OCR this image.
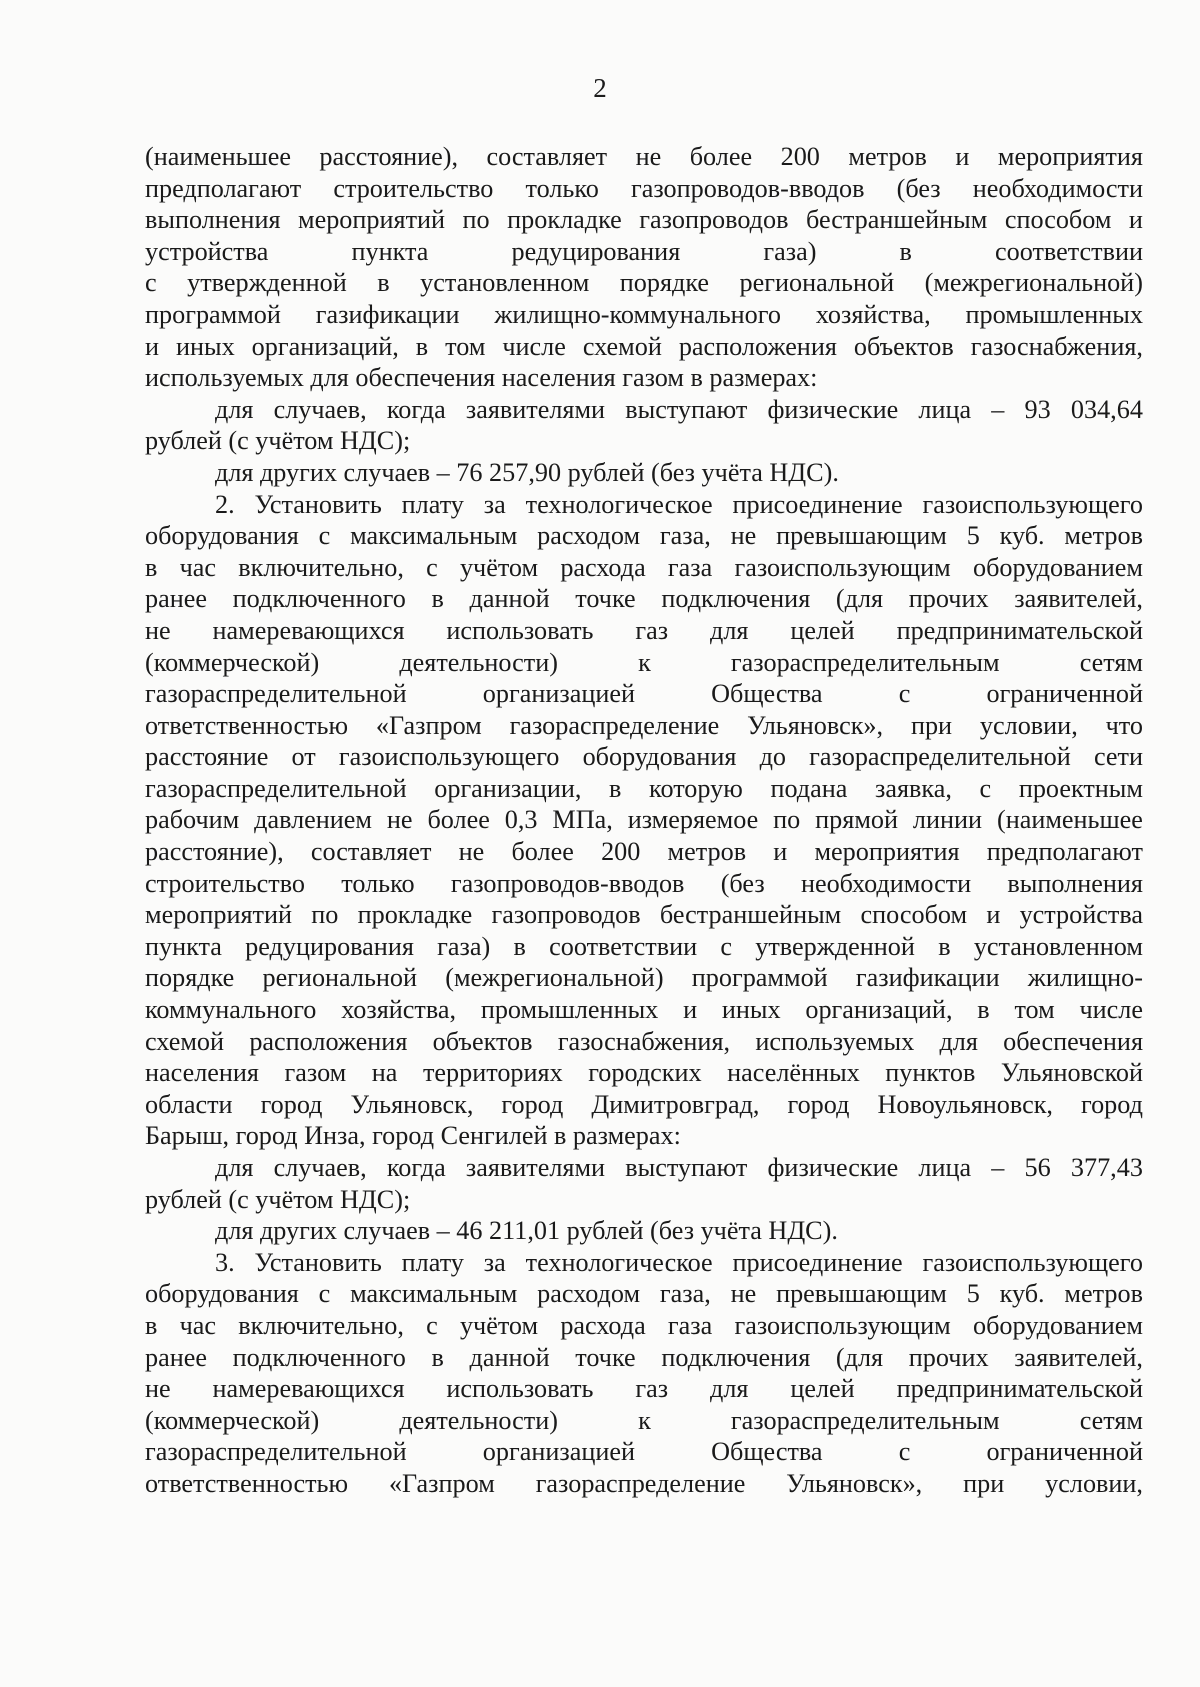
2
(наименьшее расстояние), составляет не более 200 метров и мероприятия
предполагают строительство только газопроводов-вводов (без необходимости
выполнения мероприятий по прокладке газопроводов бестраншейным способом и
устройства	пункта	редуцирования	газа)	в	соответствии
с утвержденной в установленном порядке региональной (межрегиональной)
программой газификации жилищно-коммунального хозяйства, промышленных
и иных организаций, в том числе схемой расположения объектов газоснабжения,
используемых для обеспечения населения газом в размерах:
для случаев, когда заявителями выступают физические лица – 93 034,64
рублей (с учётом НДС);
для других случаев – 76 257,90 рублей (без учёта НДС).
2. Установить плату за технологическое присоединение газоиспользующего
оборудования с максимальным расходом газа, не превышающим 5 куб. метров
в час включительно, с учётом расхода газа газоиспользующим оборудованием
ранее подключенного в данной точке подключения (для прочих заявителей,
не намеревающихся использовать газ для целей предпринимательской
(коммерческой)	деятельности)	к	газораспределительным	сетям
газораспределительной	организацией	Общества	с	ограниченной
ответственностью «Газпром газораспределение Ульяновск», при условии, что
расстояние от газоиспользующего оборудования до газораспределительной сети
газораспределительной организации, в которую подана заявка, с проектным
рабочим давлением не более 0,3 МПа, измеряемое по прямой линии (наименьшее
расстояние), составляет не более 200 метров и мероприятия предполагают
строительство только газопроводов-вводов (без необходимости выполнения
мероприятий по прокладке газопроводов бестраншейным способом и устройства
пункта редуцирования газа) в соответствии с утвержденной в установленном
порядке региональной (межрегиональной) программой газификации жилищно-
коммунального хозяйства, промышленных и иных организаций, в том числе
схемой расположения объектов газоснабжения, используемых для обеспечения
населения газом на территориях городских населённых пунктов Ульяновской
области город Ульяновск, город Димитровград, город Новоульяновск, город
Барыш, город Инза, город Сенгилей в размерах:
для случаев, когда заявителями выступают физические лица – 56 377,43
рублей (с учётом НДС);
для других случаев – 46 211,01 рублей (без учёта НДС).
3. Установить плату за технологическое присоединение газоиспользующего
оборудования с максимальным расходом газа, не превышающим 5 куб. метров
в час включительно, с учётом расхода газа газоиспользующим оборудованием
ранее подключенного в данной точке подключения (для прочих заявителей,
не намеревающихся использовать газ для целей предпринимательской
(коммерческой)	деятельности)	к	газораспределительным	сетям
газораспределительной	организацией	Общества	с	ограниченной
ответственностью «Газпром газораспределение Ульяновск», при условии,
